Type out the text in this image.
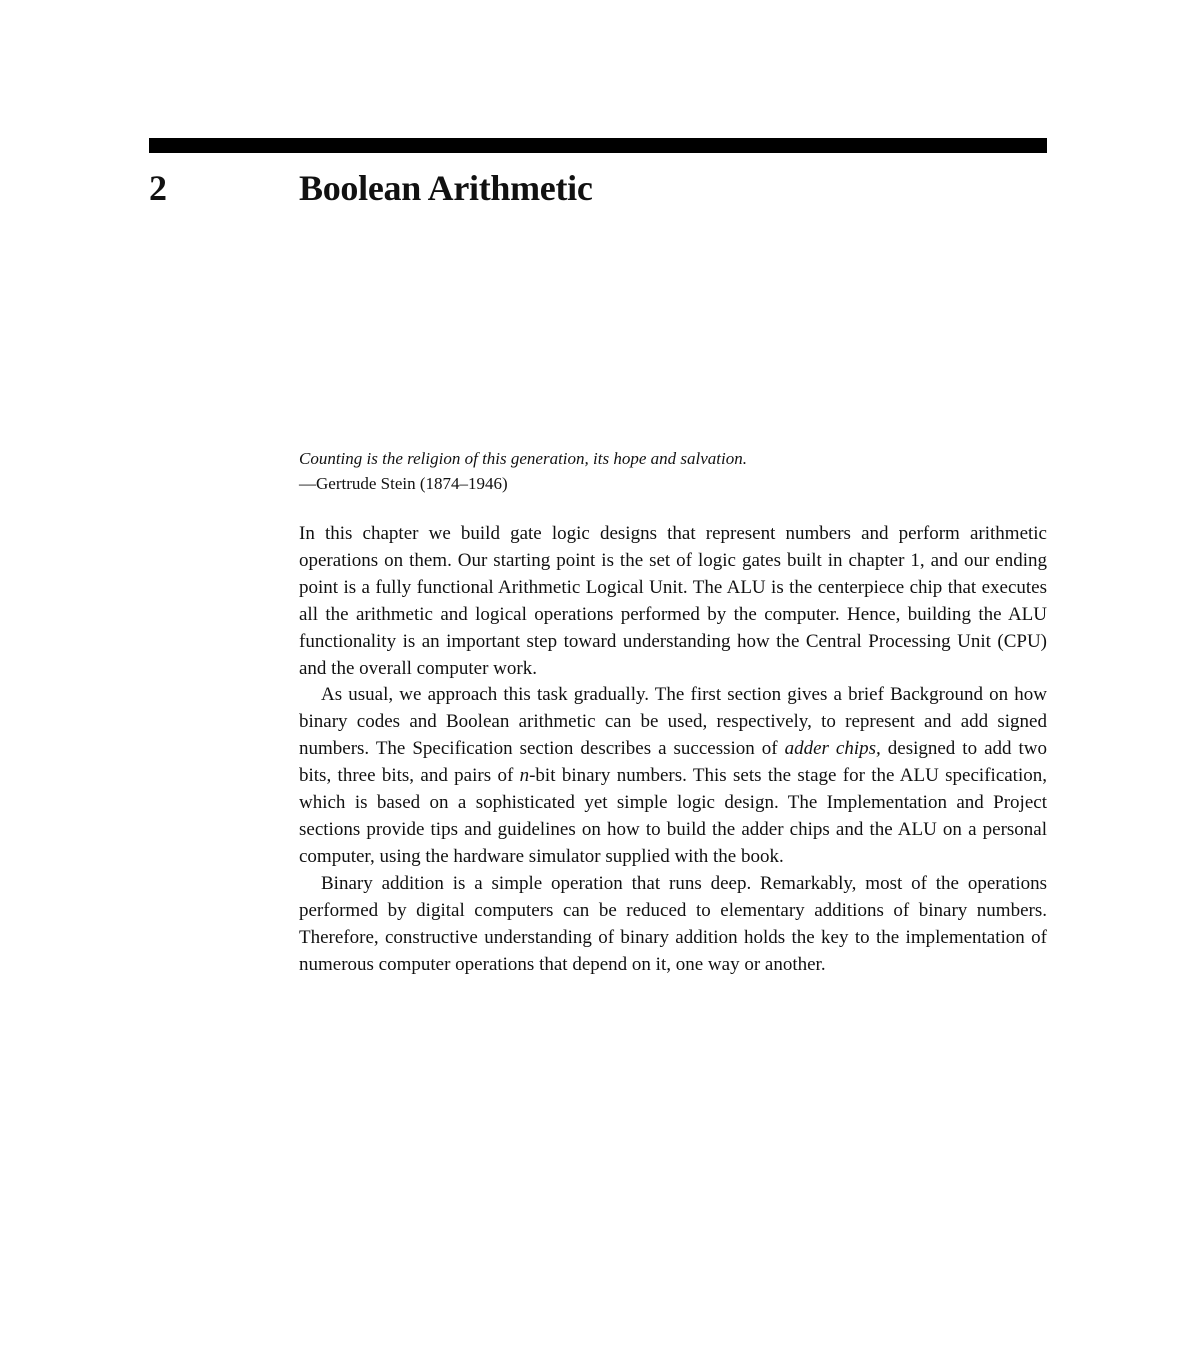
2	Boolean Arithmetic
Counting is the religion of this generation, its hope and salvation.
—Gertrude Stein (1874–1946)

In this chapter we build gate logic designs that represent numbers and perform arithmetic operations on them. Our starting point is the set of logic gates built in chapter 1, and our ending point is a fully functional Arithmetic Logical Unit. The ALU is the centerpiece chip that executes all the arithmetic and logical operations performed by the computer. Hence, building the ALU functionality is an important step toward understanding how the Central Processing Unit (CPU) and the overall computer work.

As usual, we approach this task gradually. The first section gives a brief Background on how binary codes and Boolean arithmetic can be used, respectively, to represent and add signed numbers. The Specification section describes a succession of adder chips, designed to add two bits, three bits, and pairs of n-bit binary numbers. This sets the stage for the ALU specification, which is based on a sophisticated yet simple logic design. The Implementation and Project sections provide tips and guidelines on how to build the adder chips and the ALU on a personal computer, using the hardware simulator supplied with the book.

Binary addition is a simple operation that runs deep. Remarkably, most of the operations performed by digital computers can be reduced to elementary additions of binary numbers. Therefore, constructive understanding of binary addition holds the key to the implementation of numerous computer operations that depend on it, one way or another.
